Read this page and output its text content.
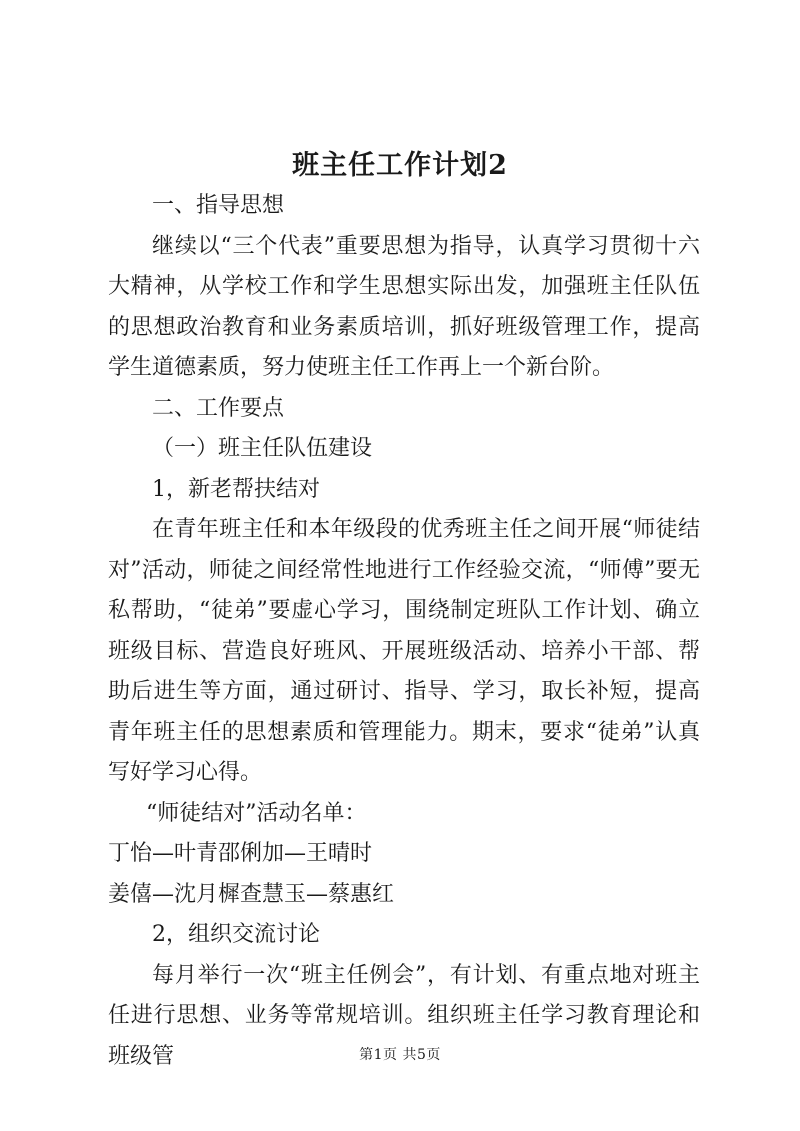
班主任工作计划2

一、指导思想

继续以“三个代表”重要思想为指导，认真学习贯彻十六大精神，从学校工作和学生思想实际出发，加强班主任队伍的思想政治教育和业务素质培训，抓好班级管理工作，提高学生道德素质，努力使班主任工作再上一个新台阶。

二、工作要点

（一）班主任队伍建设

1，新老帮扶结对

在青年班主任和本年级段的优秀班主任之间开展“师徒结对”活动，师徒之间经常性地进行工作经验交流，“师傅”要无私帮助，“徒弟”要虚心学习，围绕制定班队工作计划、确立班级目标、营造良好班风、开展班级活动、培养小干部、帮助后进生等方面，通过研讨、指导、学习，取长补短，提高青年班主任的思想素质和管理能力。期末，要求“徒弟”认真写好学习心得。

“师徒结对”活动名单：

丁怡—叶青邵俐加—王晴时

姜僖—沈月樨查慧玉—蔡惠红

2，组织交流讨论

每月举行一次“班主任例会”，有计划、有重点地对班主任进行思想、业务等常规培训。组织班主任学习教育理论和班级管	第1页 共5页
